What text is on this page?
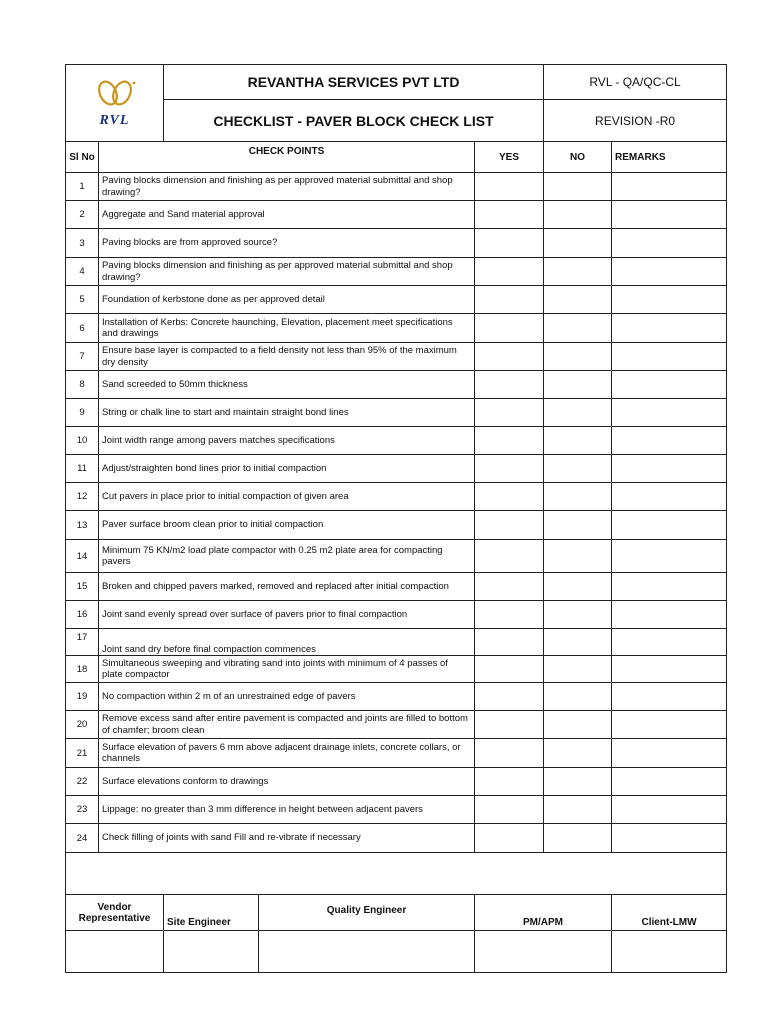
RVL		REVANTHA SERVICES PVT LTD			RVL - QA/QC-CL	
		CHECKLIST - PAVER BLOCK CHECK LIST			REVISION -R0	
Sl No	CHECK POINTS			YES	NO	REMARKS
1	Paving blocks dimension and finishing as per approved material submittal and shop drawing?					
2	Aggregate and Sand material approval					
3	Paving blocks are from approved source?					
4	Paving blocks dimension and finishing as per approved material submittal and shop drawing?					
5	Foundation of kerbstone done as per approved detail					
6	Installation of Kerbs: Concrete haunching, Elevation, placement meet specifications and drawings					
7	Ensure base layer is compacted to a field density not less than 95% of the maximum dry density					
8	Sand screeded to 50mm thickness					
9	String or chalk line to start and maintain straight bond lines					
10	Joint width range among pavers matches specifications					
11	Adjust/straighten bond lines prior to initial compaction					
12	Cut pavers in place prior to initial compaction of given area					
13	Paver surface broom clean prior to initial compaction					
14	Minimum 75 KN/m2 load plate compactor with 0.25 m2 plate area for compacting pavers					
15	Broken and chipped pavers marked, removed and replaced after initial compaction					
16	Joint sand evenly spread over surface of pavers prior to final compaction					
17	Joint sand dry before final compaction commences					
18	Simultaneous sweeping and vibrating sand into joints with minimum of 4 passes of plate compactor					
19	No compaction within 2 m of an unrestrained edge of pavers					
20	Remove excess sand after entire pavement is compacted and joints are filled to bottom of chamfer; broom clean					
21	Surface elevation of pavers 6 mm above adjacent drainage inlets, concrete collars, or channels					
22	Surface elevations conform to drawings					
23	Lippage: no greater than 3 mm difference in height between adjacent pavers					
24	Check filling of joints with sand Fill and re-vibrate if necessary					

Vendor Representative		Site Engineer	Quality Engineer	PM/APM		Client-LMW
